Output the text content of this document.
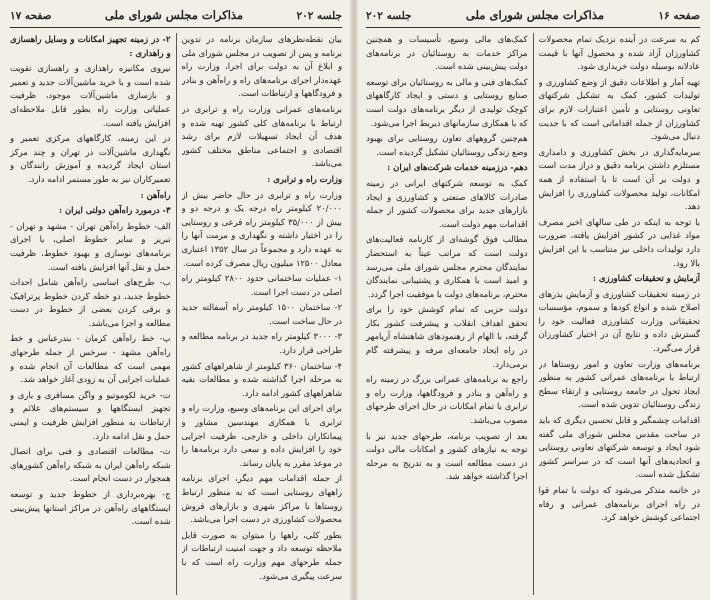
جلسه ۲۰۲
مذاکرات مجلس شورای ملی
صفحه ۱۷

بیان نقطه‌نظرهای سازمان برنامه در تدوین برنامه و پس از تصویب در مجلس شورای ملی و ابلاغ آن به دولت برای اجرا، وزارت راه عهده‌دار اجرای برنامه‌های راه و راه‌آهن و بنادر و فرودگاهها و ارتباطات است.

برنامه‌های عمرانی وزارت راه و ترابری در ارتباط با برنامه‌های کلی کشور تهیه شده و هدف آن ایجاد تسهیلات لازم برای رشد اقتصادی و اجتماعی مناطق مختلف کشور می‌باشد.

وزارت راه و ترابری :

وزارت راه و ترابری در حال حاضر بیش از ۲۰/۰۰۰ کیلومتر راه درجه یک و درجه دو و بیش از ۳۵/۰۰۰ کیلومتر راه فرعی و روستایی را در اختیار داشته و نگهداری و مرمت آنها را به عهده دارد و مجموعاً در سال ۱۳۵۲ اعتباری معادل ۱۲۵۰۰ میلیون ریال مصرف کرده است.

۱- عملیات ساختمانی حدود ۲۸۰۰ کیلومتر راه اصلی در دست اجرا است.

۲- ساختمان ۱۵۰۰ کیلومتر راه آسفالته جدید در حال ساخت است.

۳- ۳۰۰۰ کیلومتر راه جدید در برنامه مطالعه و طراحی قرار دارد.

۴- ساختمان ۳۶۰ کیلومتر از شاهراههای کشور به مرحله اجرا گذاشته شده و مطالعات بقیه شاهراههای کشور ادامه دارد.

برای اجرای این برنامه‌های وسیع، وزارت راه و ترابری با همکاری مهندسین مشاور و پیمانکاران داخلی و خارجی، ظرفیت اجرایی خود را افزایش داده و سعی دارد برنامه‌ها را در موعد مقرر به پایان رساند.

از جمله اقدامات مهم دیگر، اجرای برنامه راههای روستایی است که به منظور ارتباط روستاها با مراکز شهری و بازارهای فروش محصولات کشاورزی در دست اجرا می‌باشد.

بطور کلی، راهها را میتوان به صورت قابل ملاحظه توسعه داد و جهت امنیت ارتباطات از جمله طرحهای مهم وزارت راه است که با سرعت پیگیری می‌شود.

۲- در زمینه تجهیز امکانات و وسایل راهسازی و راهداری :

نیروی مکانیزه راهداری و راهسازی تقویت شده است و با خرید ماشین‌آلات جدید و تعمیر و بازسازی ماشین‌آلات موجود، ظرفیت عملیاتی وزارت راه بطور قابل ملاحظه‌ای افزایش یافته است.

در این زمینه، کارگاههای مرکزی تعمیر و نگهداری ماشین‌آلات در تهران و چند مرکز استان ایجاد گردیده و آموزش رانندگان و تعمیرکاران نیز به طور مستمر ادامه دارد.

راه‌آهن :

۳- درمورد راه‌آهن دولتی ایران :

الف- خطوط راه‌آهن تهران - مشهد و تهران - تبریز و سایر خطوط اصلی، با اجرای برنامه‌های نوسازی و بهبود خطوط، ظرفیت حمل و نقل آنها افزایش یافته است.

ب- طرح‌های اساسی راه‌آهن شامل احداث خطوط جدید، دو خطه کردن خطوط پرترافیک و برقی کردن بعضی از خطوط در دست مطالعه و اجرا می‌باشد.

پ- خط راه‌آهن کرمان - بندرعباس و خط راه‌آهن مشهد - سرخس از جمله طرحهای مهمی است که مطالعات آن انجام شده و عملیات اجرایی آن به زودی آغاز خواهد شد.

ت- خرید لکوموتیو و واگن مسافری و باری و تجهیز ایستگاهها و سیستم‌های علائم و ارتباطات به منظور افزایش ظرفیت و ایمنی حمل و نقل ادامه دارد.

ث- مطالعات اقتصادی و فنی برای اتصال شبکه راه‌آهن ایران به شبکه راه‌آهن کشورهای همجوار در دست انجام است.

ج- بهره‌برداری از خطوط جدید و توسعه ایستگاههای راه‌آهن در مراکز استانها پیش‌بینی شده است.

صفحه ۱۶
مذاکرات مجلس شورای ملی
جلسه ۲۰۲

کم به سرعت در آینده نزدیک تمام محصولات کشاورزان آزاد شده و محصول آنها با قیمت عادلانه بوسیله دولت خریداری شود.

تهیه آمار و اطلاعات دقیق از وضع کشاورزی و تولیدات کشور، کمک به تشکیل شرکتهای تعاونی روستایی و تأمین اعتبارات لازم برای کشاورزان از جمله اقداماتی است که با جدیت دنبال می‌شود.

سرمایه‌گذاری در بخش کشاورزی و دامداری مستلزم داشتن برنامه دقیق و دراز مدت است و دولت بر آن است تا با استفاده از همه امکانات، تولید محصولات کشاورزی را افزایش دهد.

با توجه به اینکه در طی سالهای اخیر مصرف مواد غذایی در کشور افزایش یافته، ضرورت دارد تولیدات داخلی نیز متناسب با این افزایش بالا رود.

آزمایش و تحقیقات کشاورزی :

در زمینه تحقیقات کشاورزی و آزمایش بذرهای اصلاح شده و انواع کودها و سموم، مؤسسات تحقیقاتی وزارت کشاورزی فعالیت خود را گسترش داده و نتایج آن در اختیار کشاورزان قرار می‌گیرد.

برنامه‌های وزارت تعاون و امور روستاها در ارتباط با برنامه‌های عمرانی کشور به منظور ایجاد تحول در جامعه روستایی و ارتقاء سطح زندگی روستائیان تدوین شده است.

اقدامات چشمگیر و قابل تحسین دیگری که باید در ساحت مقدس مجلس شورای ملی گفته شود ایجاد و توسعه شرکتهای تعاونی روستایی و اتحادیه‌های آنها است که در سراسر کشور تشکیل شده است.

در خاتمه متذکر می‌شود که دولت با تمام قوا در راه اجرای برنامه‌های عمرانی و رفاه اجتماعی کوشش خواهد کرد.

کمک‌های مالی وسیع، تأسیسات و همچنین مراکز خدمات به روستائیان در برنامه‌های دولت پیش‌بینی شده است.

کمک‌های فنی و مالی به روستائیان برای توسعه صنایع روستایی و دستی و ایجاد کارگاههای کوچک تولیدی از دیگر برنامه‌های دولت است که با همکاری سازمانهای ذیربط اجرا می‌شود.

هم‌چنین گروههای تعاون روستایی برای بهبود وضع زندگی روستائیان تشکیل گردیده است.

دهم- درزمینه خدمات شرکت‌های ایران :

کمک به توسعه شرکتهای ایرانی در زمینه صادرات کالاهای صنعتی و کشاورزی و ایجاد بازارهای جدید برای محصولات کشور از جمله اقدامات مهم دولت است.

مطالب فوق گوشه‌ای از کارنامه فعالیت‌های دولت است که مراتب عیناً به استحضار نمایندگان محترم مجلس شورای ملی می‌رسد و امید است با همکاری و پشتیبانی نمایندگان محترم، برنامه‌های دولت با موفقیت اجرا گردد.

دولت حزبی که تمام کوشش خود را برای تحقق اهداف انقلاب و پیشرفت کشور بکار گرفته، با الهام از رهنمودهای شاهنشاه آریامهر در راه ایجاد جامعه‌ای مرفه و پیشرفته گام برمی‌دارد.

راجع به برنامه‌های عمرانی بزرگ در زمینه راه و راه‌آهن و بنادر و فرودگاهها، وزارت راه و ترابری با تمام امکانات در حال اجرای طرحهای مصوب می‌باشد.

بعد از تصویب برنامه، طرحهای جدید نیز با توجه به نیازهای کشور و امکانات مالی دولت در دست مطالعه است و به تدریج به مرحله اجرا گذاشته خواهد شد.
